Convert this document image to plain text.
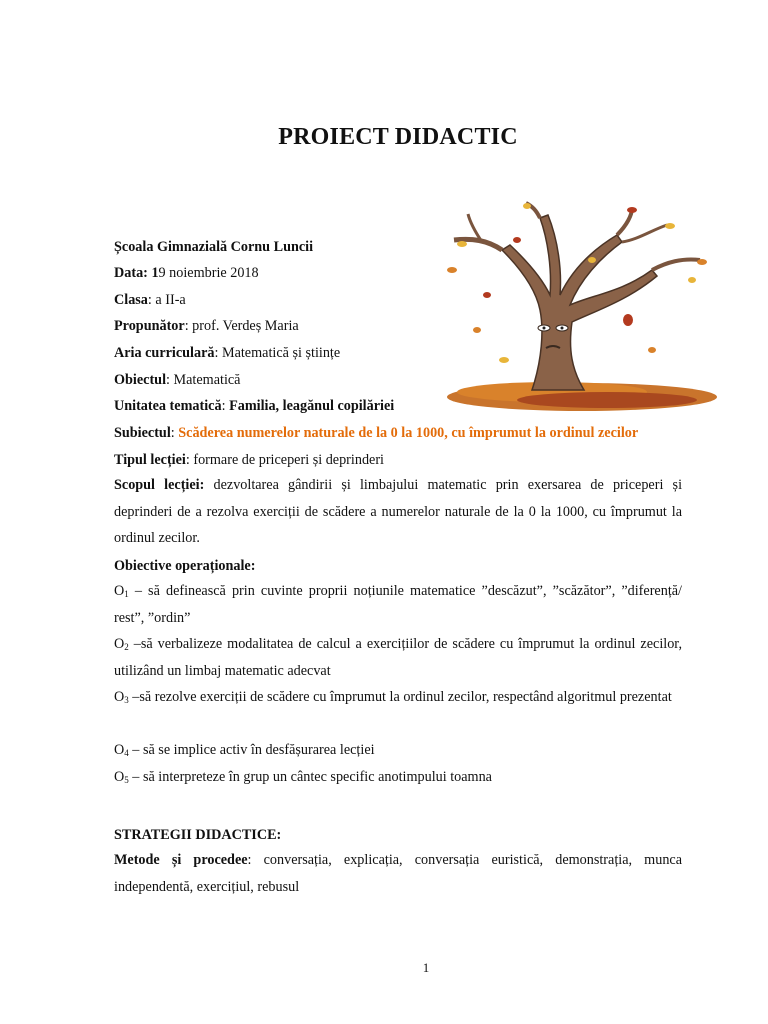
PROIECT DIDACTIC
Școala Gimnazială Cornu Luncii
Data: 19 noiembrie 2018
Clasa: a II-a
Propunător: prof. Verdeș Maria
Aria curriculară: Matematică și științe
Obiectul: Matematică
Unitatea tematică: Familia, leagănul copilăriei
Subiectul: Scăderea numerelor naturale de la 0 la 1000, cu împrumut la ordinul zecilor
Tipul lecției: formare de priceperi și deprinderi
Scopul lecției: dezvoltarea gândirii și limbajului matematic prin exersarea de priceperi și deprinderi de a rezolva exerciții de scădere a numerelor naturale de la 0 la 1000, cu împrumut la ordinul zecilor.
Obiective operaționale:
$O_1$ – să definească prin cuvinte proprii noțiunile matematice ”descăzut”, ”scăzător”, ”diferență/ rest”, ”ordin”
$O_2$ –să verbalizeze modalitatea de calcul a exercițiilor de scădere cu împrumut la ordinul zecilor, utilizând un limbaj matematic adecvat
$O_3$ –să rezolve exerciții de scădere cu împrumut la ordinul zecilor, respectând algoritmul prezentat
$O_4$ – să se implice activ în desfășurarea lecției
$O_5$ – să interpreteze în grup un cântec specific anotimpului toamna
STRATEGII DIDACTICE:
Metode și procedee: conversația, explicația, conversația euristică, demonstrația, munca independentă, exercițiul, rebusul
1
